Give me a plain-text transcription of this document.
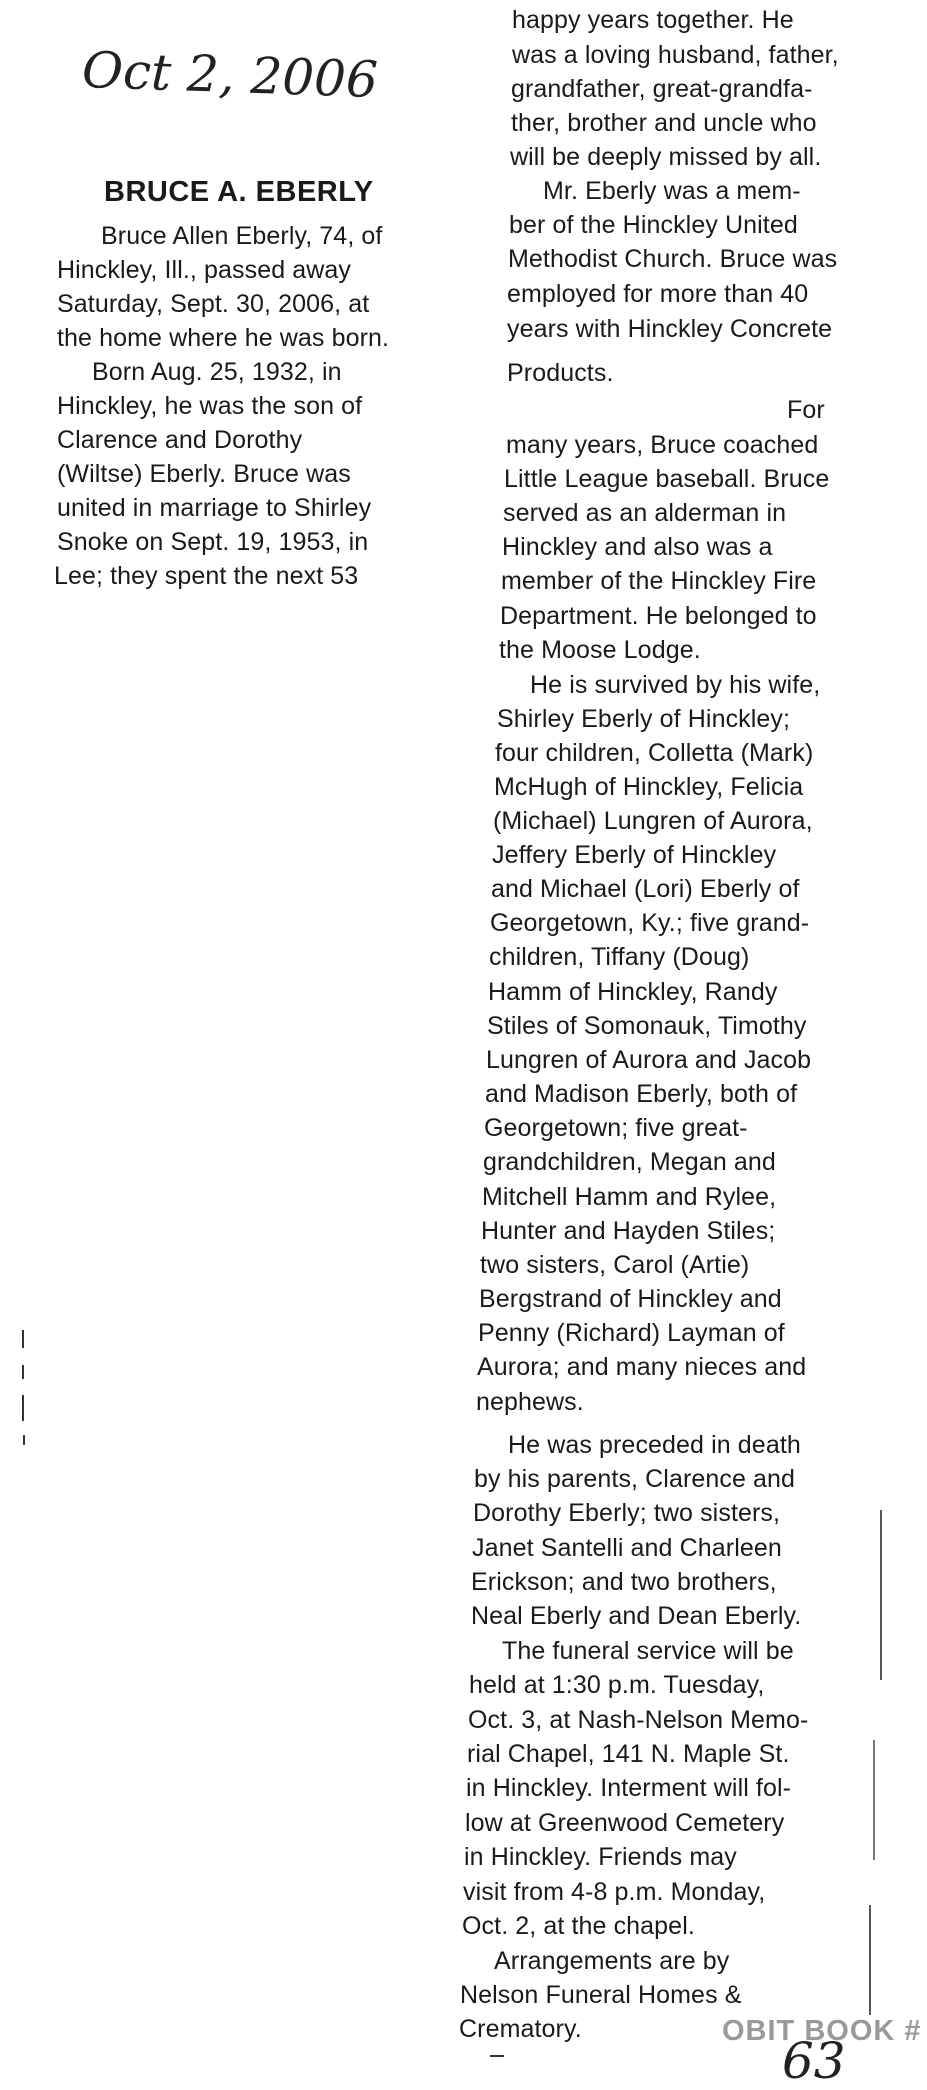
Oct 2, 2006
BRUCE A. EBERLY
Bruce Allen Eberly, 74, of
Hinckley, Ill., passed away
Saturday, Sept. 30, 2006, at
the home where he was born.
Born Aug. 25, 1932, in
Hinckley, he was the son of
Clarence and Dorothy
(Wiltse) Eberly. Bruce was
united in marriage to Shirley
Snoke on Sept. 19, 1953, in
Lee; they spent the next 53
happy years together. He
was a loving husband, father,
grandfather, great-grandfa-
ther, brother and uncle who
will be deeply missed by all.
Mr. Eberly was a mem-
ber of the Hinckley United
Methodist Church. Bruce was
employed for more than 40
years with Hinckley Concrete
Products.
For
many years, Bruce coached
Little League baseball. Bruce
served as an alderman in
Hinckley and also was a
member of the Hinckley Fire
Department. He belonged to
the Moose Lodge.
He is survived by his wife,
Shirley Eberly of Hinckley;
four children, Colletta (Mark)
McHugh of Hinckley, Felicia
(Michael) Lungren of Aurora,
Jeffery Eberly of Hinckley
and Michael (Lori) Eberly of
Georgetown, Ky.; five grand-
children, Tiffany (Doug)
Hamm of Hinckley, Randy
Stiles of Somonauk, Timothy
Lungren of Aurora and Jacob
and Madison Eberly, both of
Georgetown; five great-
grandchildren, Megan and
Mitchell Hamm and Rylee,
Hunter and Hayden Stiles;
two sisters, Carol (Artie)
Bergstrand of Hinckley and
Penny (Richard) Layman of
Aurora; and many nieces and
nephews.
He was preceded in death
by his parents, Clarence and
Dorothy Eberly; two sisters,
Janet Santelli and Charleen
Erickson; and two brothers,
Neal Eberly and Dean Eberly.
The funeral service will be
held at 1:30 p.m. Tuesday,
Oct. 3, at Nash-Nelson Memo-
rial Chapel, 141 N. Maple St.
in Hinckley. Interment will fol-
low at Greenwood Cemetery
in Hinckley. Friends may
visit from 4-8 p.m. Monday,
Oct. 2, at the chapel.
Arrangements are by
Nelson Funeral Homes &
Crematory.	OBIT BOOK #
63
